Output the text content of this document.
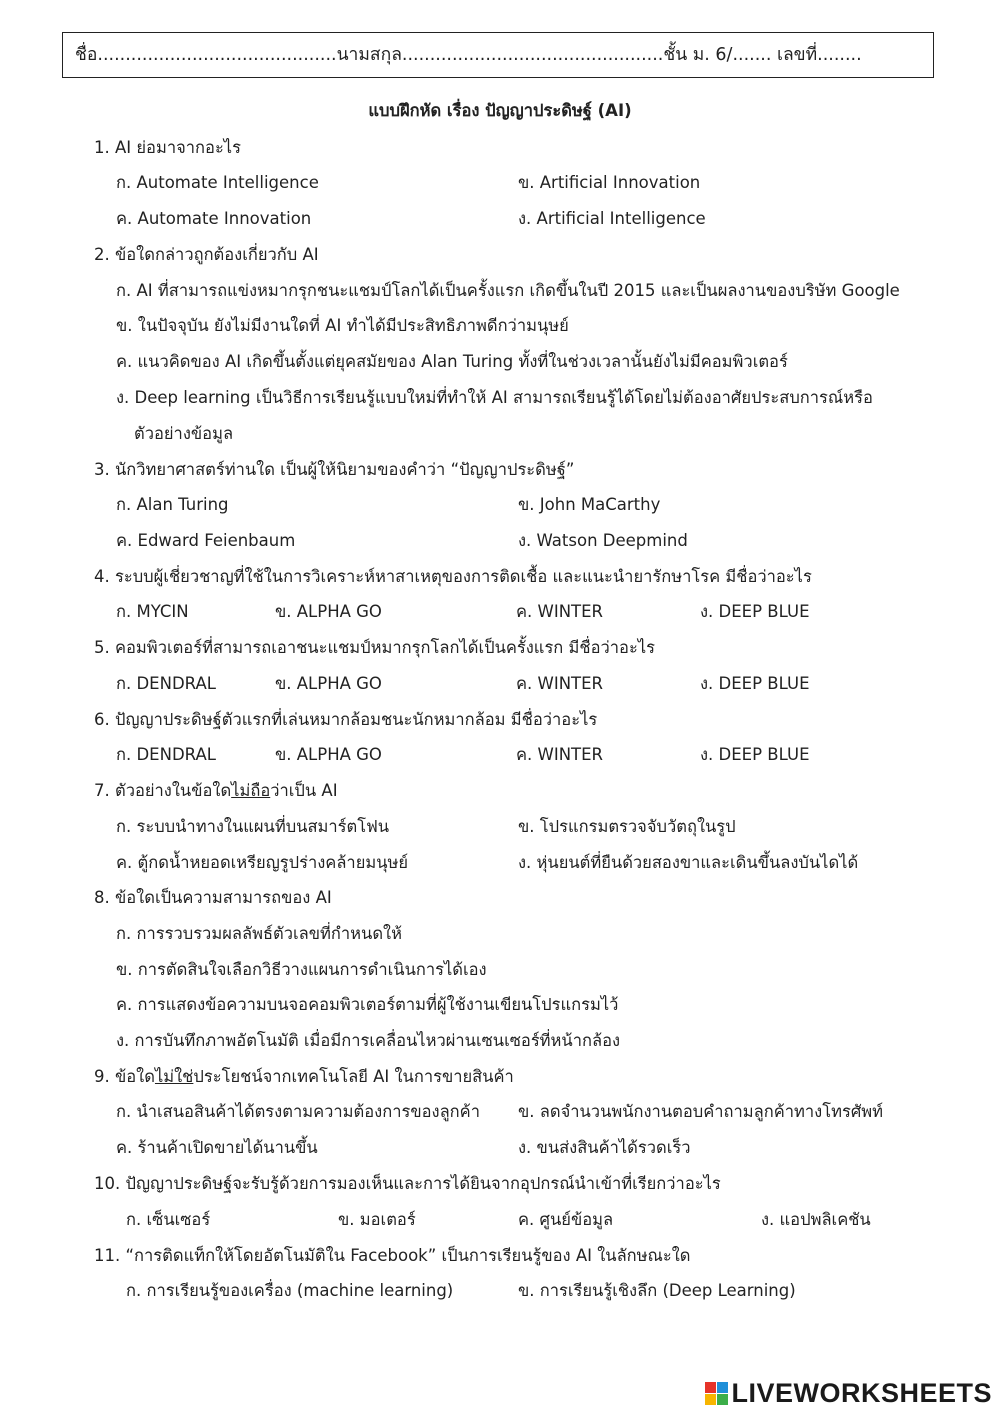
ชื่อ...........................................นามสกุล...............................................ชั้น ม. 6/....... เลขที่........
แบบฝึกหัด เรื่อง ปัญญาประดิษฐ์ (AI)
1. AI ย่อมาจากอะไร
ก. Automate Intelligence	ข. Artificial Innovation
ค. Automate Innovation	ง. Artificial Intelligence
2. ข้อใดกล่าวถูกต้องเกี่ยวกับ AI
ก. AI ที่สามารถแข่งหมากรุกชนะแชมป์โลกได้เป็นครั้งแรก เกิดขึ้นในปี 2015 และเป็นผลงานของบริษัท Google
ข. ในปัจจุบัน ยังไม่มีงานใดที่ AI ทำได้มีประสิทธิภาพดีกว่ามนุษย์
ค. แนวคิดของ AI เกิดขึ้นตั้งแต่ยุคสมัยของ Alan Turing ทั้งที่ในช่วงเวลานั้นยังไม่มีคอมพิวเตอร์
ง. Deep learning เป็นวิธีการเรียนรู้แบบใหม่ที่ทำให้ AI สามารถเรียนรู้ได้โดยไม่ต้องอาศัยประสบการณ์หรือ
ตัวอย่างข้อมูล
3. นักวิทยาศาสตร์ท่านใด เป็นผู้ให้นิยามของคำว่า “ปัญญาประดิษฐ์”
ก. Alan Turing	ข. John MaCarthy
ค. Edward Feienbaum	ง. Watson Deepmind
4. ระบบผู้เชี่ยวชาญที่ใช้ในการวิเคราะห์หาสาเหตุของการติดเชื้อ และแนะนำยารักษาโรค มีชื่อว่าอะไร
ก. MYCIN	ข. ALPHA GO	ค. WINTER	ง. DEEP BLUE
5. คอมพิวเตอร์ที่สามารถเอาชนะแชมป์หมากรุกโลกได้เป็นครั้งแรก มีชื่อว่าอะไร
ก. DENDRAL	ข. ALPHA GO	ค. WINTER	ง. DEEP BLUE
6. ปัญญาประดิษฐ์ตัวแรกที่เล่นหมากล้อมชนะนักหมากล้อม มีชื่อว่าอะไร
ก. DENDRAL	ข. ALPHA GO	ค. WINTER	ง. DEEP BLUE
7. ตัวอย่างในข้อใดไม่ถือว่าเป็น AI
ก. ระบบนำทางในแผนที่บนสมาร์ตโฟน	ข. โปรแกรมตรวจจับวัตถุในรูป
ค. ตู้กดน้ำหยอดเหรียญรูปร่างคล้ายมนุษย์	ง. หุ่นยนต์ที่ยืนด้วยสองขาและเดินขึ้นลงบันไดได้
8. ข้อใดเป็นความสามารถของ AI
ก. การรวบรวมผลลัพธ์ตัวเลขที่กำหนดให้
ข. การตัดสินใจเลือกวิธีวางแผนการดำเนินการได้เอง
ค. การแสดงข้อความบนจอคอมพิวเตอร์ตามที่ผู้ใช้งานเขียนโปรแกรมไว้
ง. การบันทึกภาพอัตโนมัติ เมื่อมีการเคลื่อนไหวผ่านเซนเซอร์ที่หน้ากล้อง
9. ข้อใดไม่ใช่ประโยชน์จากเทคโนโลยี AI ในการขายสินค้า
ก. นำเสนอสินค้าได้ตรงตามความต้องการของลูกค้า ข. ลดจำนวนพนักงานตอบคำถามลูกค้าทางโทรศัพท์
ค. ร้านค้าเปิดขายได้นานขึ้น	ง. ขนส่งสินค้าได้รวดเร็ว
10. ปัญญาประดิษฐ์จะรับรู้ด้วยการมองเห็นและการได้ยินจากอุปกรณ์นำเข้าที่เรียกว่าอะไร
ก. เซ็นเซอร์	ข. มอเตอร์	ค. ศูนย์ข้อมูล	ง. แอปพลิเคชัน
11. “การติดแท็กให้โดยอัตโนมัติใน Facebook” เป็นการเรียนรู้ของ AI ในลักษณะใด
ก. การเรียนรู้ของเครื่อง (machine learning)	ข. การเรียนรู้เชิงลึก (Deep Learning)
LIVEWORKSHEETS
